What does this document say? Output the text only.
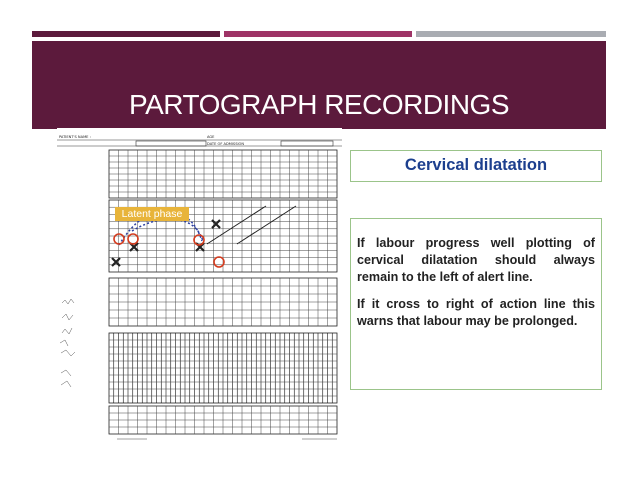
PARTOGRAPH RECORDINGS
PATIENT'S NAME :	AGE
DATE OF ADMISSION
Latent phase
Cervical dilatation

If labour progress well plotting of cervical dilatation should always remain to the left of alert line.

If it cross to right of action line this warns that labour may be prolonged.
